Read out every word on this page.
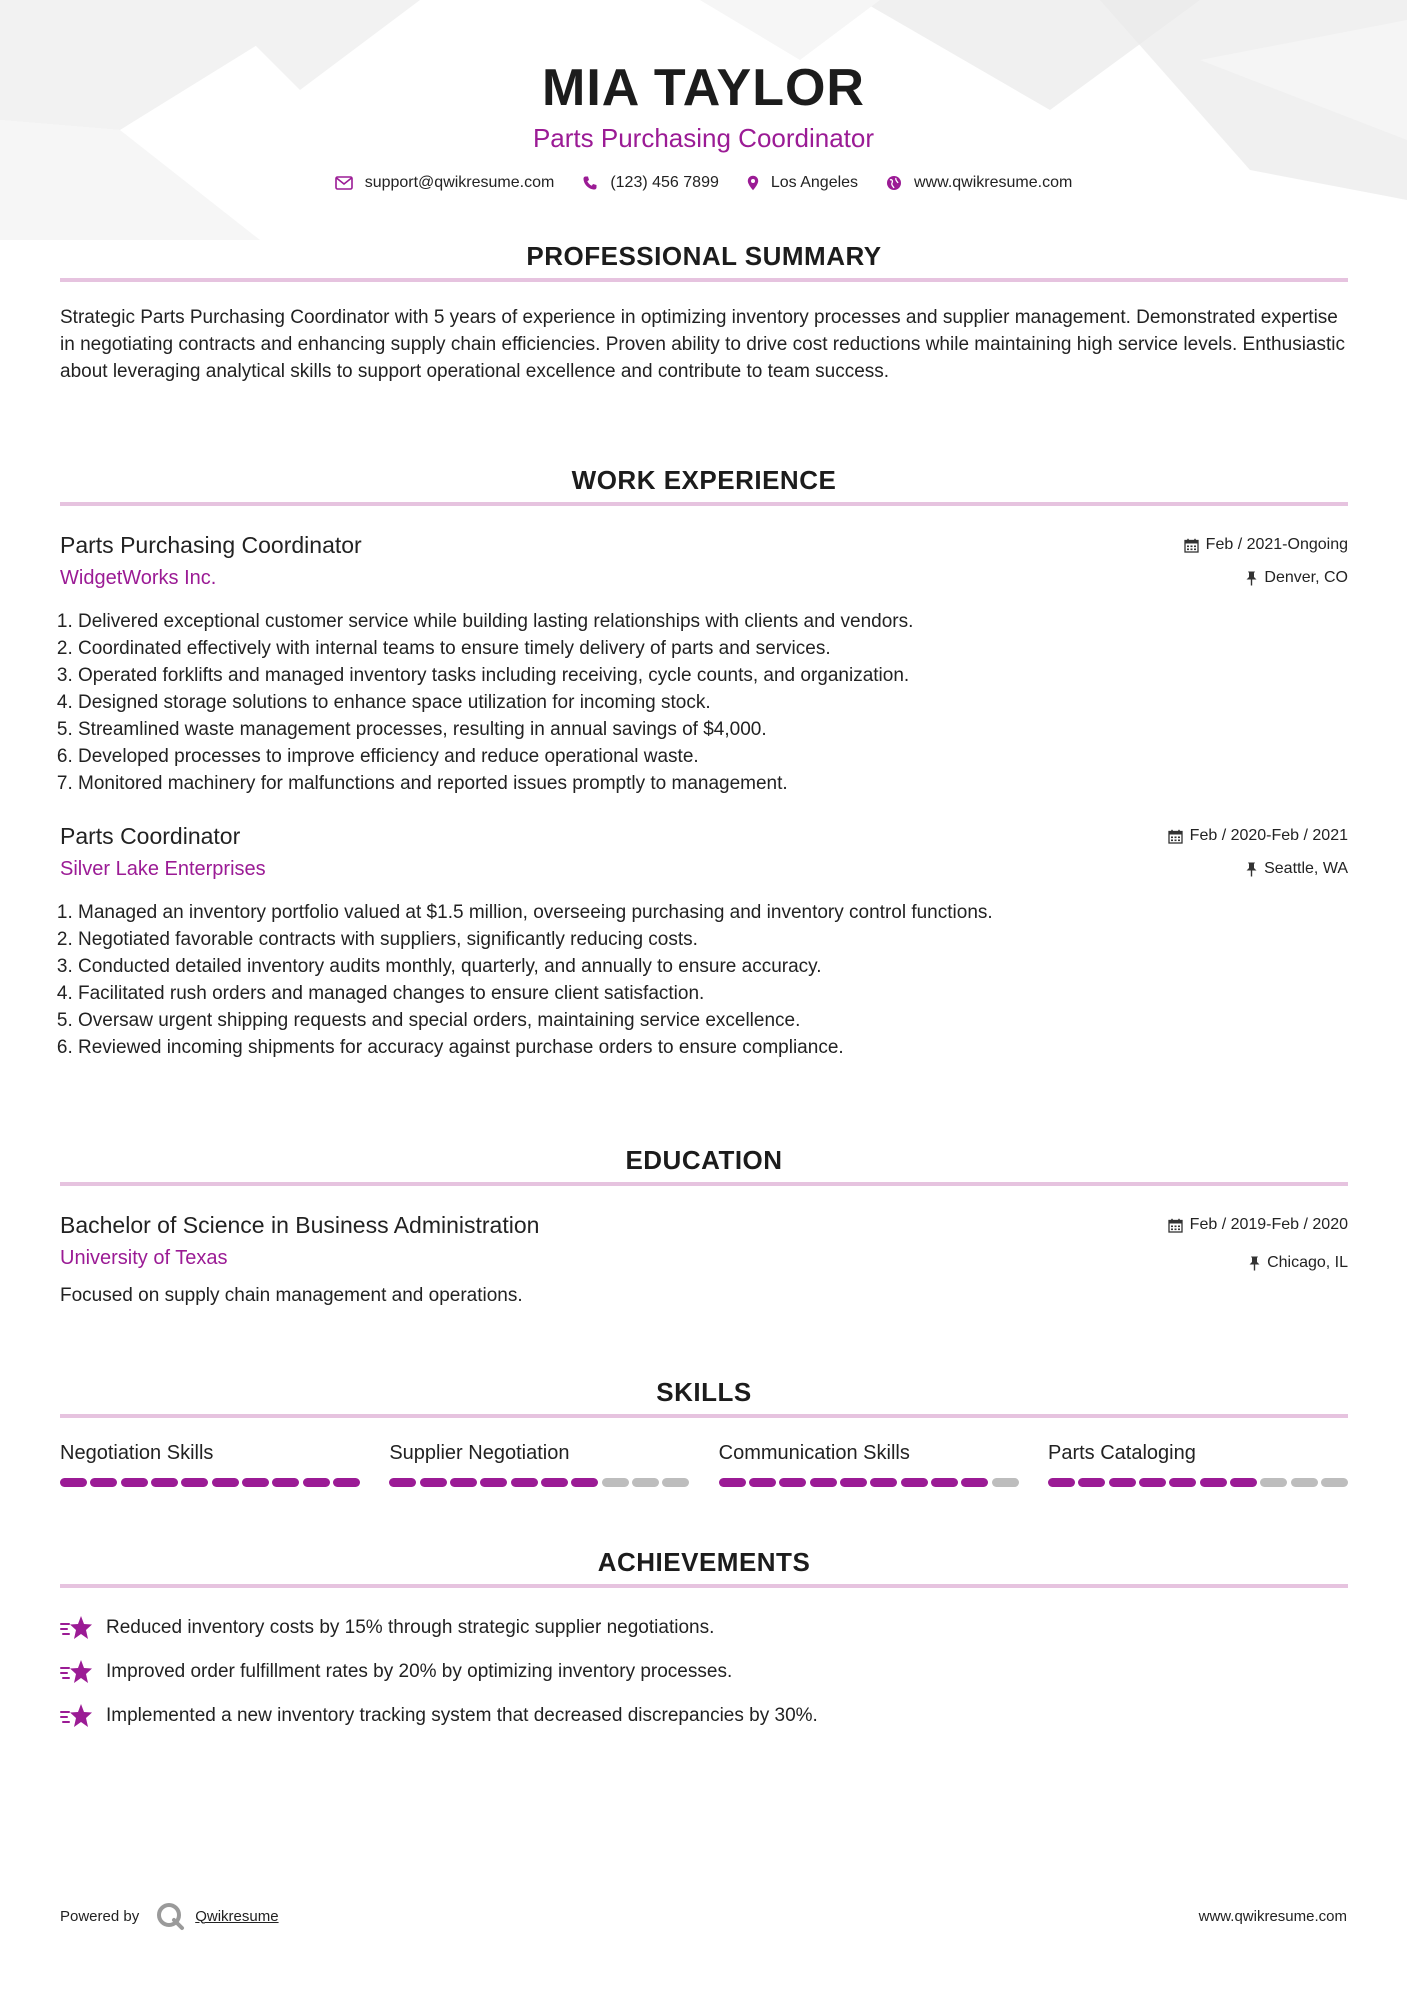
MIA TAYLOR
Parts Purchasing Coordinator
support@qwikresume.com	(123) 456 7899	Los Angeles	www.qwikresume.com
PROFESSIONAL SUMMARY
Strategic Parts Purchasing Coordinator with 5 years of experience in optimizing inventory processes and supplier management. Demonstrated expertise in negotiating contracts and enhancing supply chain efficiencies. Proven ability to drive cost reductions while maintaining high service levels. Enthusiastic about leveraging analytical skills to support operational excellence and contribute to team success.
WORK EXPERIENCE
Parts Purchasing Coordinator
WidgetWorks Inc.
Feb / 2021-Ongoing
Denver, CO
1. Delivered exceptional customer service while building lasting relationships with clients and vendors.
2. Coordinated effectively with internal teams to ensure timely delivery of parts and services.
3. Operated forklifts and managed inventory tasks including receiving, cycle counts, and organization.
4. Designed storage solutions to enhance space utilization for incoming stock.
5. Streamlined waste management processes, resulting in annual savings of $4,000.
6. Developed processes to improve efficiency and reduce operational waste.
7. Monitored machinery for malfunctions and reported issues promptly to management.
Parts Coordinator
Silver Lake Enterprises
Feb / 2020-Feb / 2021
Seattle, WA
1. Managed an inventory portfolio valued at $1.5 million, overseeing purchasing and inventory control functions.
2. Negotiated favorable contracts with suppliers, significantly reducing costs.
3. Conducted detailed inventory audits monthly, quarterly, and annually to ensure accuracy.
4. Facilitated rush orders and managed changes to ensure client satisfaction.
5. Oversaw urgent shipping requests and special orders, maintaining service excellence.
6. Reviewed incoming shipments for accuracy against purchase orders to ensure compliance.
EDUCATION
Bachelor of Science in Business Administration
University of Texas
Feb / 2019-Feb / 2020
Chicago, IL
Focused on supply chain management and operations.
SKILLS
Negotiation Skills	Supplier Negotiation	Communication Skills	Parts Cataloging
ACHIEVEMENTS
Reduced inventory costs by 15% through strategic supplier negotiations.
Improved order fulfillment rates by 20% by optimizing inventory processes.
Implemented a new inventory tracking system that decreased discrepancies by 30%.
Powered by	Qwikresume	www.qwikresume.com
